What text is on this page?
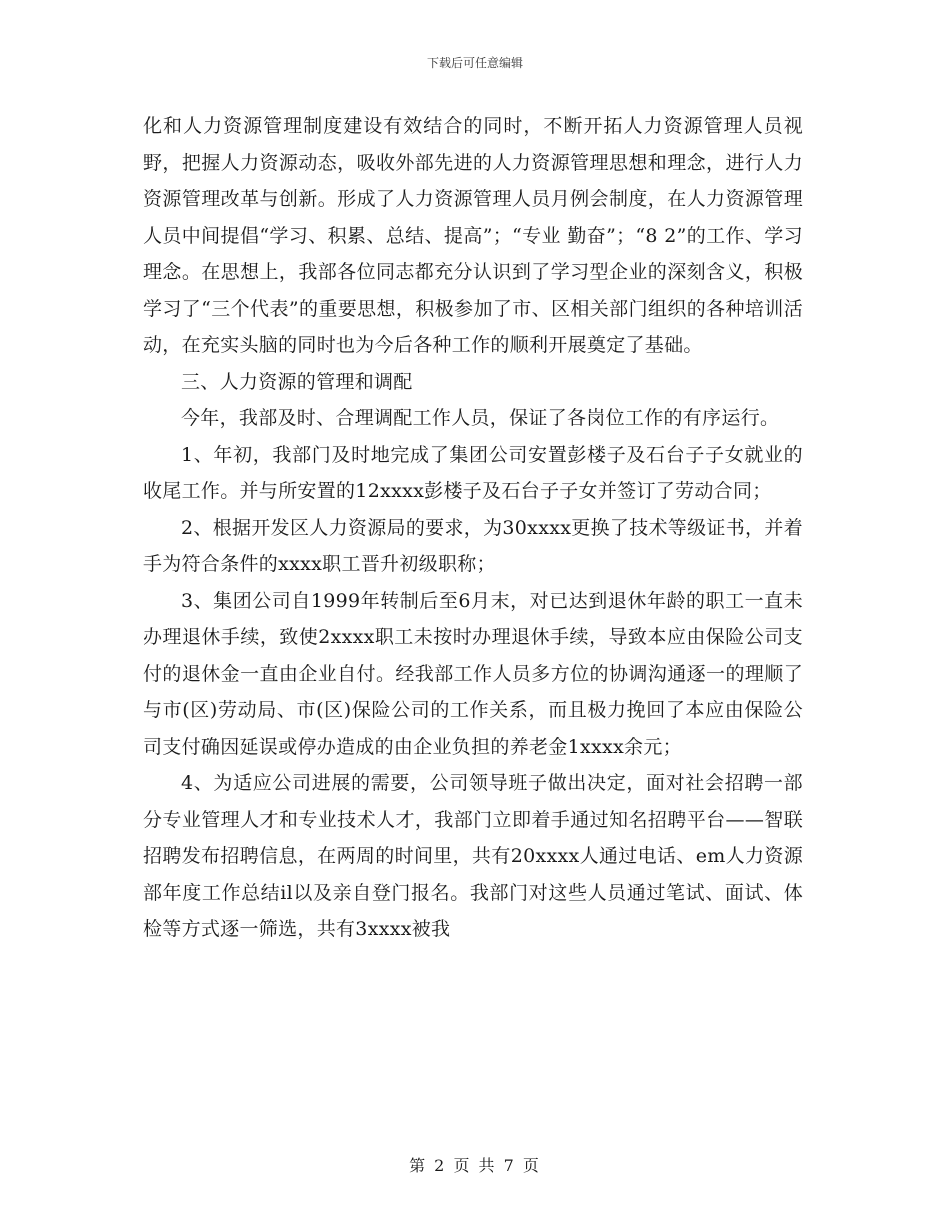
下载后可任意编辑

化和人力资源管理制度建设有效结合的同时，不断开拓人力资源管理人员视野，把握人力资源动态，吸收外部先进的人力资源管理思想和理念，进行人力资源管理改革与创新。形成了人力资源管理人员月例会制度，在人力资源管理人员中间提倡“学习、积累、总结、提高”；“专业 勤奋”；“8 2”的工作、学习理念。在思想上，我部各位同志都充分认识到了学习型企业的深刻含义，积极学习了“三个代表”的重要思想，积极参加了市、区相关部门组织的各种培训活动，在充实头脑的同时也为今后各种工作的顺利开展奠定了基础。

三、人力资源的管理和调配

今年，我部及时、合理调配工作人员，保证了各岗位工作的有序运行。

1、年初，我部门及时地完成了集团公司安置彭楼子及石台子子女就业的收尾工作。并与所安置的12xxxx彭楼子及石台子子女并签订了劳动合同；

2、根据开发区人力资源局的要求，为30xxxx更换了技术等级证书，并着手为符合条件的xxxx职工晋升初级职称；

3、集团公司自1999年转制后至6月末，对已达到退休年龄的职工一直未办理退休手续，致使2xxxx职工未按时办理退休手续，导致本应由保险公司支付的退休金一直由企业自付。经我部工作人员多方位的协调沟通逐一的理顺了与市(区)劳动局、市(区)保险公司的工作关系，而且极力挽回了本应由保险公司支付确因延误或停办造成的由企业负担的养老金1xxxx余元；

4、为适应公司进展的需要，公司领导班子做出决定，面对社会招聘一部分专业管理人才和专业技术人才，我部门立即着手通过知名招聘平台——智联招聘发布招聘信息，在两周的时间里，共有20xxxx人通过电话、em人力资源部年度工作总结il以及亲自登门报名。我部门对这些人员通过笔试、面试、体检等方式逐一筛选，共有3xxxx被我

第 2 页 共 7 页
